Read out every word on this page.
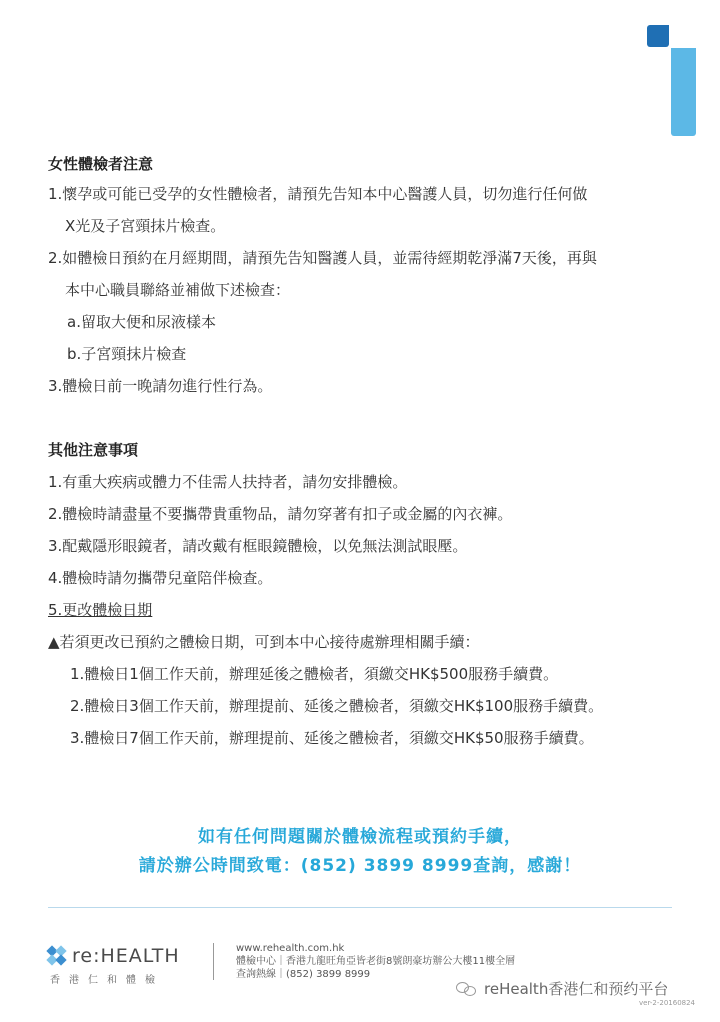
女性體檢者注意
1.懷孕或可能已受孕的女性體檢者，請預先告知本中心醫護人員，切勿進行任何做
X光及子宮頸抹片檢查。
2.如體檢日預約在月經期間，請預先告知醫護人員，並需待經期乾淨滿7天後，再與
本中心職員聯絡並補做下述檢查：
a.留取大便和尿液樣本
b.子宮頸抹片檢查
3.體檢日前一晚請勿進行性行為。
其他注意事項
1.有重大疾病或體力不佳需人扶持者，請勿安排體檢。
2.體檢時請盡量不要攜帶貴重物品，請勿穿著有扣子或金屬的內衣褲。
3.配戴隱形眼鏡者，請改戴有框眼鏡體檢，以免無法測試眼壓。
4.體檢時請勿攜帶兒童陪伴檢查。
5.更改體檢日期
▲若須更改已預約之體檢日期，可到本中心接待處辦理相關手續：
1.體檢日1個工作天前，辦理延後之體檢者，須繳交HK$500服務手續費。
2.體檢日3個工作天前，辦理提前、延後之體檢者，須繳交HK$100服務手續費。
3.體檢日7個工作天前，辦理提前、延後之體檢者，須繳交HK$50服務手續費。
如有任何問題關於體檢流程或預約手續，
請於辦公時間致電：(852) 3899 8999查詢，感謝！
re:HEALTH
香港仁和體檢
www.rehealth.com.hk
體檢中心｜香港九龍旺角亞皆老街8號朗豪坊辦公大樓11樓全層
查詢熱線｜(852) 3899 8999
reHealth香港仁和预约平台
ver-2-20160824
